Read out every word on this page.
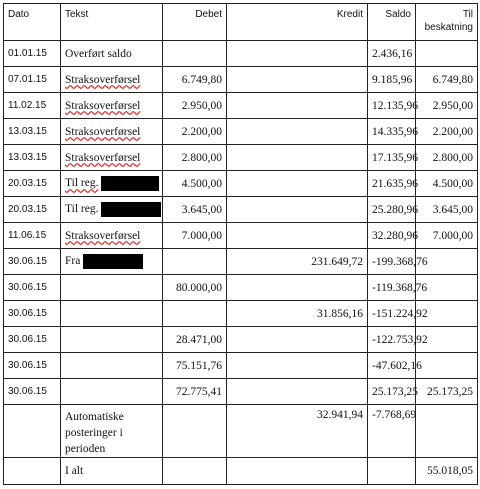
Dato	Tekst	Debet	Kredit	Saldo	Til beskatning
01.01.15	Overført saldo			2.436,16	
07.01.15	Straksoverførsel	6.749,80		9.185,96	6.749,80
11.02.15	Straksoverførsel	2.950,00		12.135,96	2.950,00
13.03.15	Straksoverførsel	2.200,00		14.335,96	2.200,00
13.03.15	Straksoverførsel	2.800,00		17.135,96	2.800,00
20.03.15	Til reg.	4.500,00		21.635,96	4.500,00
20.03.15	Til reg.	3.645,00		25.280,96	3.645,00
11.06.15	Straksoverførsel	7.000,00		32.280,96	7.000,00
30.06.15	Fra		231.649,72	-199.368,76	
30.06.15		80.000,00		-119.368,76	
30.06.15			31.856,16	-151.224,92	
30.06.15		28.471,00		-122.753,92	
30.06.15		75.151,76		-47.602,16	
30.06.15		72.775,41		25.173,25	25.173,25
	Automatiske posteringer i perioden		32.941,94	-7.768,69	
	I alt				55.018,05
